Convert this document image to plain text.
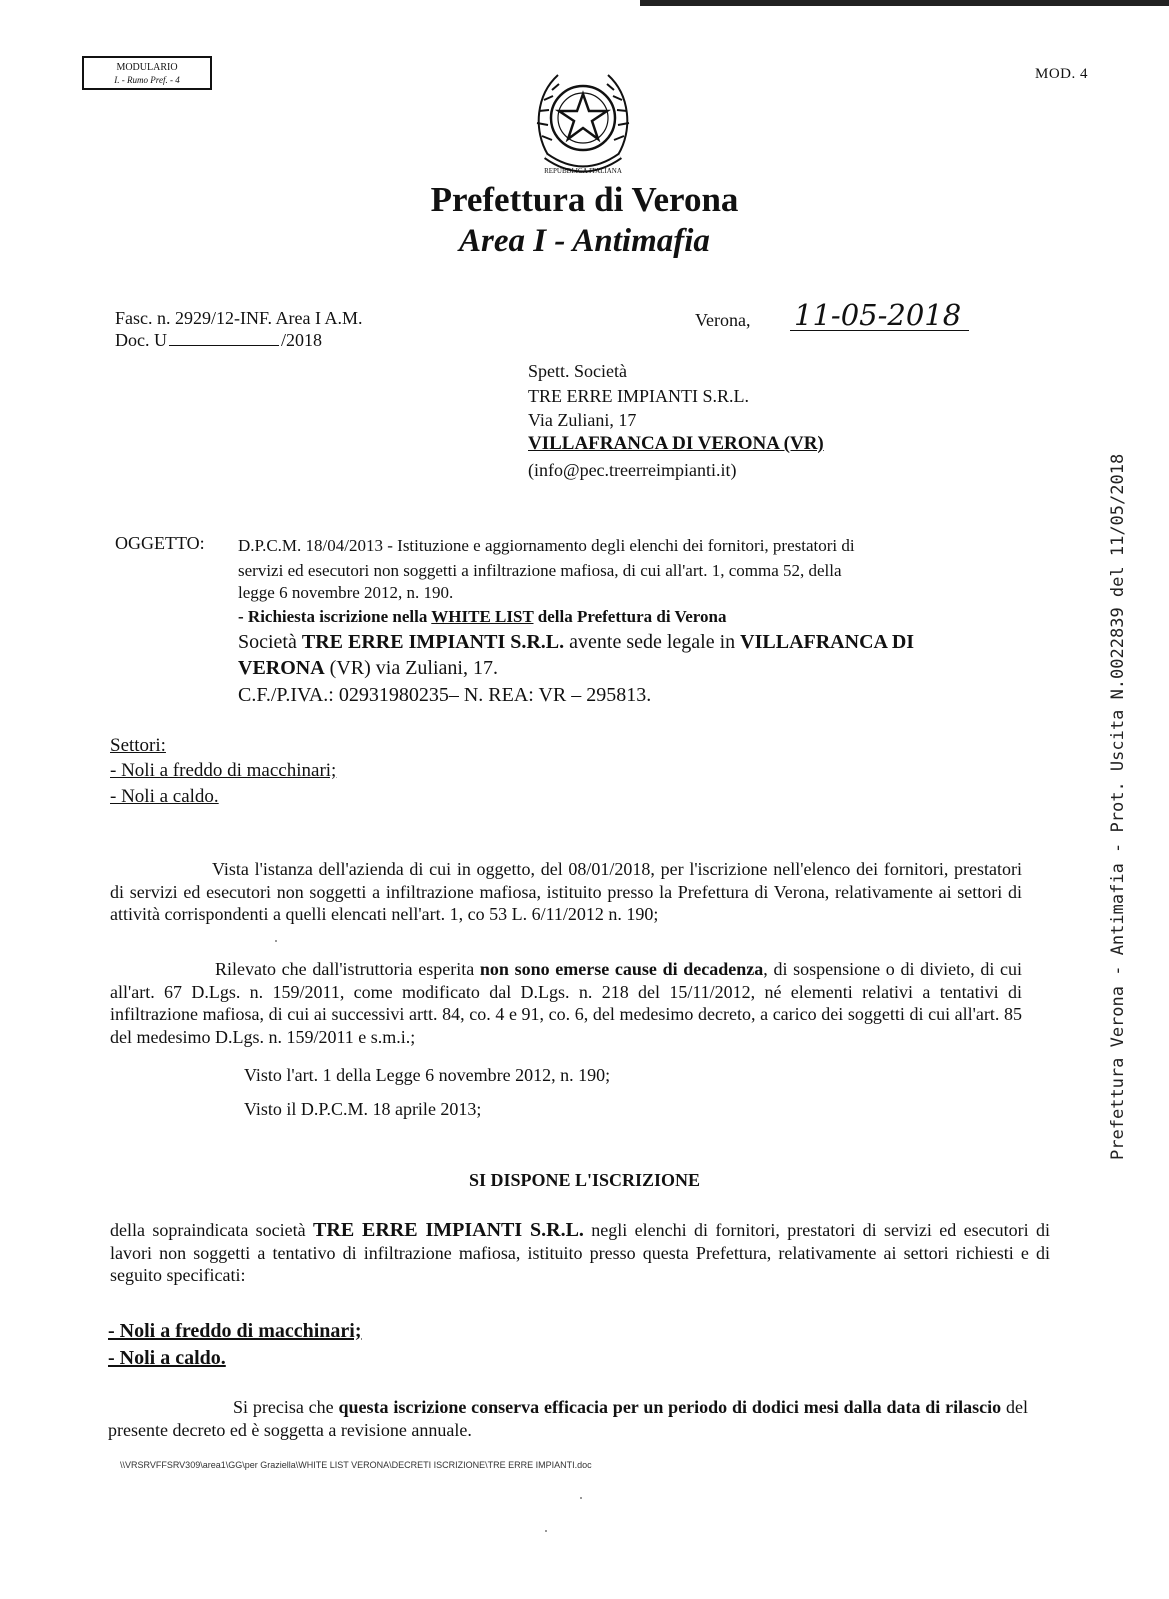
MODULARIO
I. - Rumo Pref. - 4	MOD. 4
REPUBBLICA ITALIANA
Prefettura di Verona
Area I - Antimafia
Fasc. n. 2929/12-INF. Area I A.M.
Doc. U	/2018
Verona, 11-05-2018
Spett. Società
TRE ERRE IMPIANTI S.R.L.
Via Zuliani, 17
VILLAFRANCA DI VERONA (VR)
(info@pec.treerreimpianti.it)
OGGETTO: D.P.C.M. 18/04/2013 - Istituzione e aggiornamento degli elenchi dei fornitori, prestatori di
servizi ed esecutori non soggetti a infiltrazione mafiosa, di cui all'art. 1, comma 52, della
legge 6 novembre 2012, n. 190.
- Richiesta iscrizione nella WHITE LIST della Prefettura di Verona
Società TRE ERRE IMPIANTI S.R.L. avente sede legale in VILLAFRANCA DI
VERONA (VR) via Zuliani, 17.
C.F./P.IVA.: 02931980235– N. REA: VR – 295813.
Settori:
- Noli a freddo di macchinari;
- Noli a caldo.
Vista l'istanza dell'azienda di cui in oggetto, del 08/01/2018, per l'iscrizione nell'elenco dei fornitori, prestatori di servizi ed esecutori non soggetti a infiltrazione mafiosa, istituito presso la Prefettura di Verona, relativamente ai settori di attività corrispondenti a quelli elencati nell'art. 1, co 53 L. 6/11/2012 n. 190;
Rilevato che dall'istruttoria esperita non sono emerse cause di decadenza, di sospensione o di divieto, di cui all'art. 67 D.Lgs. n. 159/2011, come modificato dal D.Lgs. n. 218 del 15/11/2012, né elementi relativi a tentativi di infiltrazione mafiosa, di cui ai successivi artt. 84, co. 4 e 91, co. 6, del medesimo decreto, a carico dei soggetti di cui all'art. 85 del medesimo D.Lgs. n. 159/2011 e s.m.i.;
Visto l'art. 1 della Legge 6 novembre 2012, n. 190;
Visto il D.P.C.M. 18 aprile 2013;
SI DISPONE L'ISCRIZIONE
della sopraindicata società TRE ERRE IMPIANTI S.R.L. negli elenchi di fornitori, prestatori di servizi ed esecutori di lavori non soggetti a tentativo di infiltrazione mafiosa, istituito presso questa Prefettura, relativamente ai settori richiesti e di seguito specificati:
- Noli a freddo di macchinari;
- Noli a caldo.
Si precisa che questa iscrizione conserva efficacia per un periodo di dodici mesi dalla data di rilascio del presente decreto ed è soggetta a revisione annuale.
\\VRSRVFFSRV309\area1\GG\per Graziella\WHITE LIST VERONA\DECRETI ISCRIZIONE\TRE ERRE IMPIANTI.doc
Prefettura Verona - Antimafia - Prot. Uscita N.0022839 del 11/05/2018
